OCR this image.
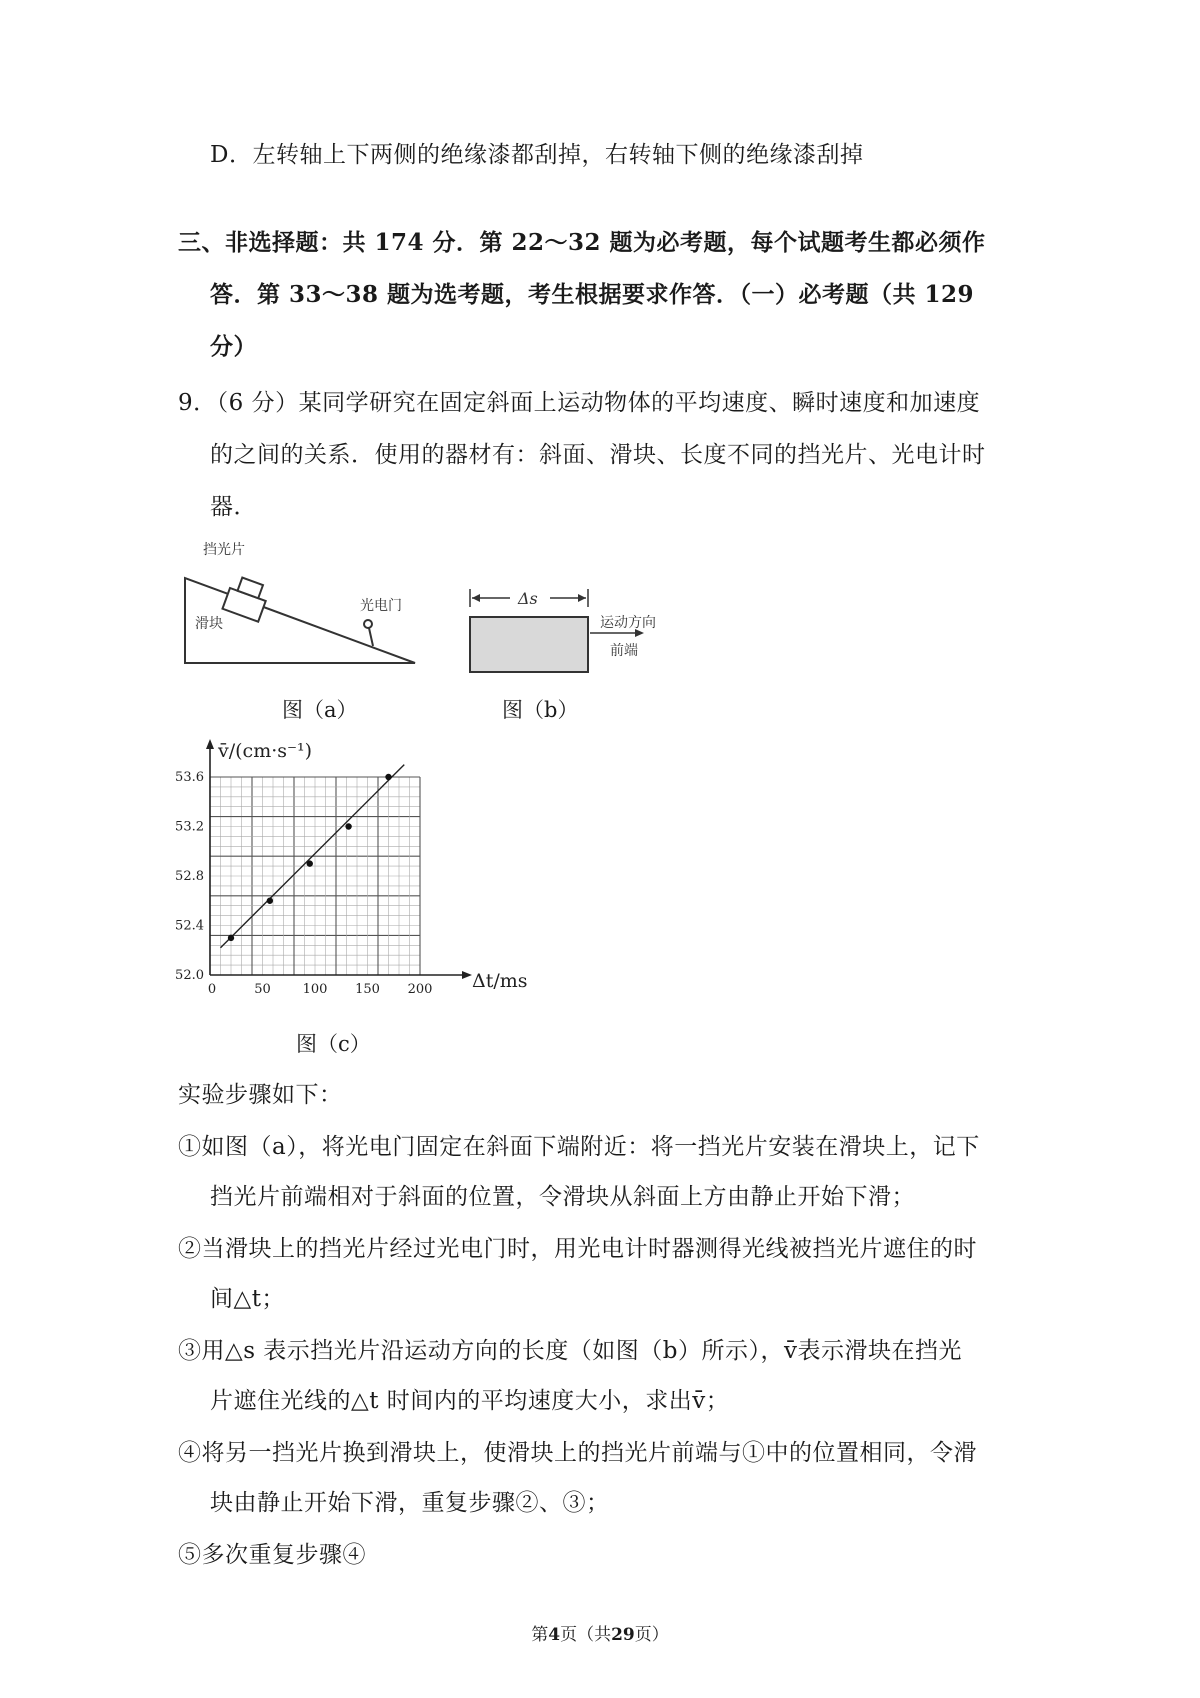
D．左转轴上下两侧的绝缘漆都刮掉，右转轴下侧的绝缘漆刮掉
三、非选择题：共 174 分．第 22～32 题为必考题，每个试题考生都必须作
答．第 33～38 题为选考题，考生根据要求作答．（一）必考题（共 129
分）
9．（6 分）某同学研究在固定斜面上运动物体的平均速度、瞬时速度和加速度
的之间的关系．使用的器材有：斜面、滑块、长度不同的挡光片、光电计时
器．
挡光片
滑块
光电门
图（a）
Δs
运动方向
前端
图（b）
0	50 100 150 200
52.0
52.4
52.8
53.2
53.6
v̄/(cm·s⁻¹)
Δt/ms
图（c）
实验步骤如下：
①如图（a），将光电门固定在斜面下端附近：将一挡光片安装在滑块上，记下
挡光片前端相对于斜面的位置，令滑块从斜面上方由静止开始下滑；
②当滑块上的挡光片经过光电门时，用光电计时器测得光线被挡光片遮住的时
间△t；
③用△s 表示挡光片沿运动方向的长度（如图（b）所示），v̄表示滑块在挡光
片遮住光线的△t 时间内的平均速度大小，求出v̄；
④将另一挡光片换到滑块上，使滑块上的挡光片前端与①中的位置相同，令滑
块由静止开始下滑，重复步骤②、③；
⑤多次重复步骤④
第4页（共29页）
